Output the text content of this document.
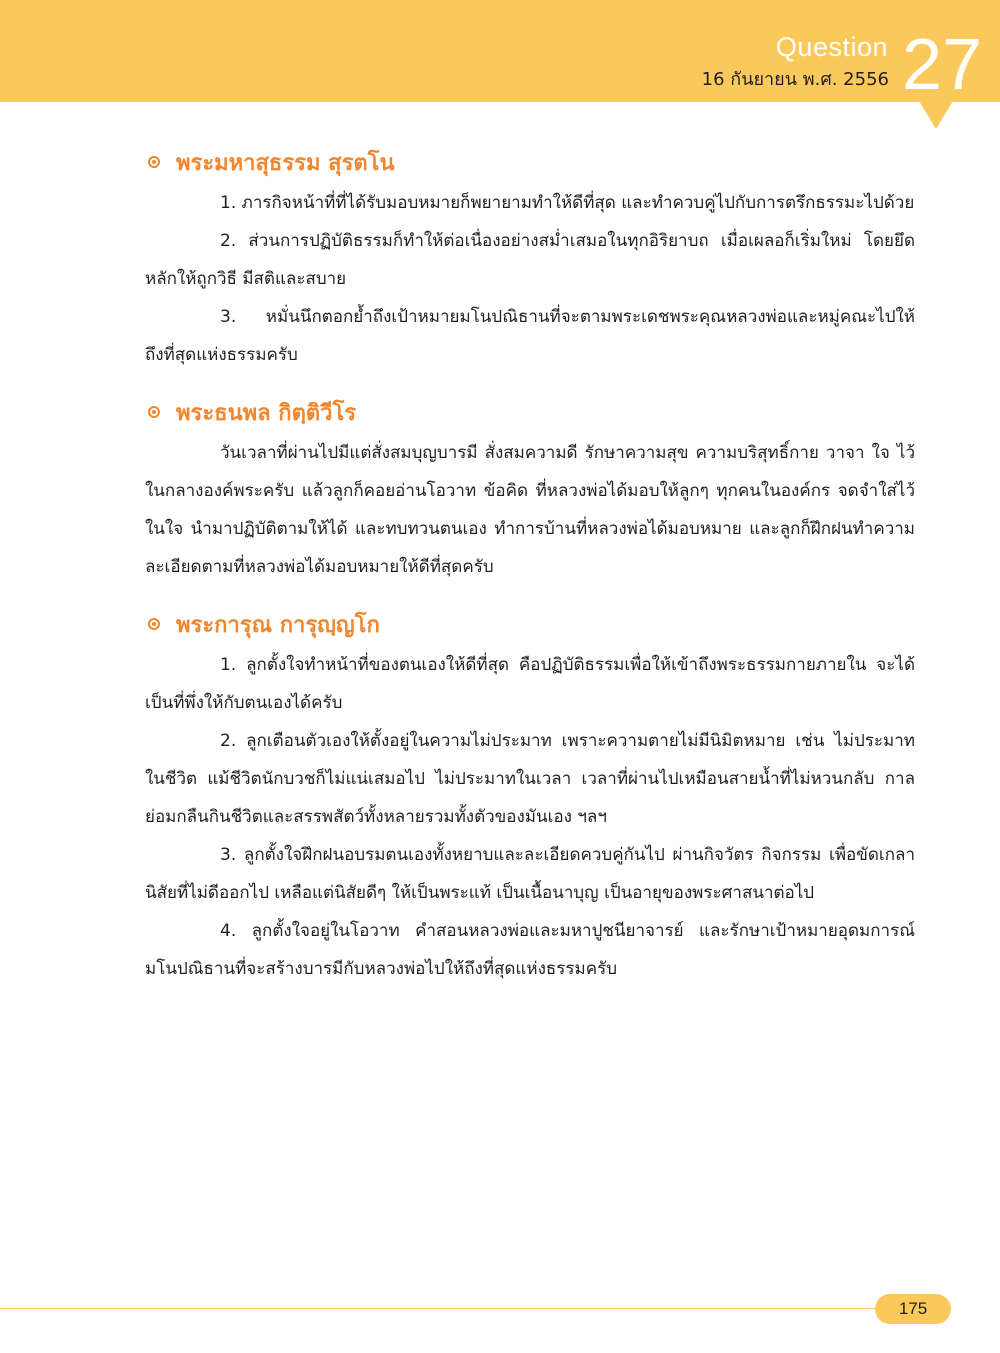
Question
16 กันยายน พ.ศ. 2556 27
พระมหาสุธรรม สุรตโน

1. ภารกิจหน้าที่ที่ได้รับมอบหมายก็พยายามทำให้ดีที่สุด และทำควบคู่ไปกับการตรึกธรรมะไปด้วย

2. ส่วนการปฏิบัติธรรมก็ทำให้ต่อเนื่องอย่างสม่ำเสมอในทุกอิริยาบถ เมื่อเผลอก็เริ่มใหม่ โดยยึดหลักให้ถูกวิธี มีสติและสบาย

3. หมั่นนึกตอกย้ำถึงเป้าหมายมโนปณิธานที่จะตามพระเดชพระคุณหลวงพ่อและหมู่คณะไปให้ถึงที่สุดแห่งธรรมครับ

พระธนพล กิตฺติวีโร

วันเวลาที่ผ่านไปมีแต่สั่งสมบุญบารมี สั่งสมความดี รักษาความสุข ความบริสุทธิ์กาย วาจา ใจ ไว้ในกลางองค์พระครับ แล้วลูกก็คอยอ่านโอวาท ข้อคิด ที่หลวงพ่อได้มอบให้ลูกๆ ทุกคนในองค์กร จดจำใส่ไว้ในใจ นำมาปฏิบัติตามให้ได้ และทบทวนตนเอง ทำการบ้านที่หลวงพ่อได้มอบหมาย และลูกก็ฝึกฝนทำความละเอียดตามที่หลวงพ่อได้มอบหมายให้ดีที่สุดครับ

พระการุณ การุญฺญโก

1. ลูกตั้งใจทำหน้าที่ของตนเองให้ดีที่สุด คือปฏิบัติธรรมเพื่อให้เข้าถึงพระธรรมกายภายใน จะได้เป็นที่พึ่งให้กับตนเองได้ครับ

2. ลูกเตือนตัวเองให้ตั้งอยู่ในความไม่ประมาท เพราะความตายไม่มีนิมิตหมาย เช่น ไม่ประมาทในชีวิต แม้ชีวิตนักบวชก็ไม่แน่เสมอไป ไม่ประมาทในเวลา เวลาที่ผ่านไปเหมือนสายน้ำที่ไม่หวนกลับ กาลย่อมกลืนกินชีวิตและสรรพสัตว์ทั้งหลายรวมทั้งตัวของมันเอง ฯลฯ

3. ลูกตั้งใจฝึกฝนอบรมตนเองทั้งหยาบและละเอียดควบคู่กันไป ผ่านกิจวัตร กิจกรรม เพื่อขัดเกลานิสัยที่ไม่ดีออกไป เหลือแต่นิสัยดีๆ ให้เป็นพระแท้ เป็นเนื้อนาบุญ เป็นอายุของพระศาสนาต่อไป

4. ลูกตั้งใจอยู่ในโอวาท คำสอนหลวงพ่อและมหาปูชนียาจารย์ และรักษาเป้าหมายอุดมการณ์ มโนปณิธานที่จะสร้างบารมีกับหลวงพ่อไปให้ถึงที่สุดแห่งธรรมครับ

175
